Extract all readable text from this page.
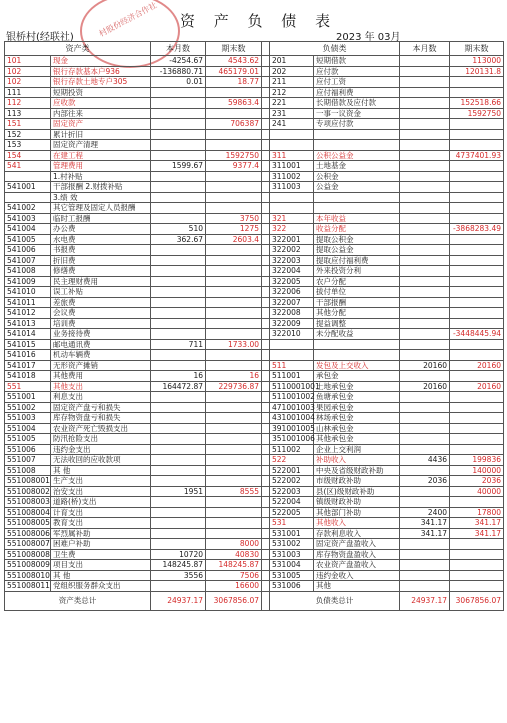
村股份经济合作社 资 产 负 债 表
银桥村(经联社)	2023 年 03月
资产类		本月数	期末数		负债类		本月数	期末数
101	现金	-4254.67	4543.62		201	短期借款		113000
102	银行存款基本户936	-136880.71	465179.01		202	应付款		120131.8
102	银行存款土地专户305	0.01	18.77		211	应付工资		
111	短期投资				212	应付福利费		
112	应收款		59863.4		221	长期借款及应付款		152518.66
113	内部往来				231	一事一议资金		1592750
151	固定资产		706387		241	专项应付款		
152	累计折旧							
153	固定资产清理							
154	在建工程		1592750		311	公积公益金		4737401.93
541	管理费用	1599.67	9377.4		311001	土地基金		
	1.村补贴				311002	公积金		
541001	干部报酬 2.财拨补贴				311003	公益金		
	3.绩 效							
541002	其它管理及固定人员报酬							
541003	临时工报酬		3750		321	本年收益		
541004	办公费	510	1275		322	收益分配		-3868283.49
541005	水电费	362.67	2603.4		322001	提取公积金		
541006	书报费				322002	提取公益金		
541007	折旧费				322003	提取应付福利费		
541008	修缮费				322004	外来投资分利		
541009	民主理财费用				322005	农户分配		
541010	误工补贴				322006	拔付单位		
541011	差旅费				322007	干部报酬		
541012	会议费				322008	其他分配		
541013	培训费				322009	提益调整		
541014	业务接待费				322010	未分配收益		-3448445.94
541015	邮电通讯费	711	1733.00					
541016	机动车辆费							
541017	无形资产摊销				511	发包及上交收入	20160	20160
541018	其他费用	16	16		511001	承包金		
551	其他支出	164472.87	229736.87		5110001001	土地承包金	20160	20160
551001	利息支出				511001002	鱼塘承包金		
551002	固定资产盘亏和损失				471001003	果园承包金		
551003	库存物资盘亏和损失				431001004	林场承包金		
551004	农业资产死亡毁损支出				391001005	山林承包金		
551005	防汛抢险支出				351001006	其他承包金		
551006	违约金支出				511002	企业上交利润		
551007	无法收回的应收款项				522	补助收入	4436	199836
551008	其 他				522001	中央及省级财政补助		140000
551008001	生产支出				522002	市级财政补助	2036	2036
551008002	治安支出	1951	8555		522003	县(区)级财政补助		40000
551008003	道路(桥)支出				522004	镇级财政补助		
551008004	计育支出				522005	其他部门补助	2400	17800
551008005	教育支出				531	其他收入	341.17	341.17
551008006	军烈属补助				531001	存款利息收入	341.17	341.17
551008007	困难户补助		8000		531002	固定资产盘盈收入		
551008008	卫生费	10720	40830		531003	库存物资盘盈收入		
551008009	项目支出	148245.87	148245.87		531004	农业资产盘盈收入		
551008010	其 他	3556	7506		531005	违约金收入		
551008011	党组织服务群众支出		16600		531006	其他		
资产类总计		24937.17	3067856.07		负债类总计		24937.17	3067856.07
